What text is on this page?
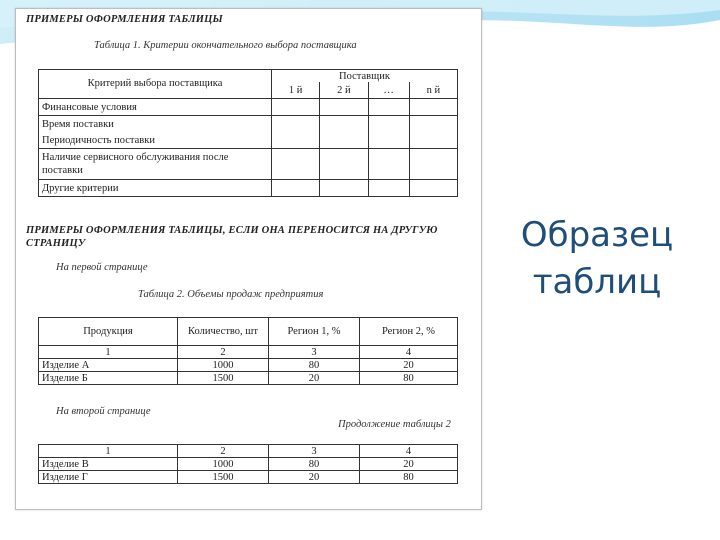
ПРИМЕРЫ ОФОРМЛЕНИЯ ТАБЛИЦЫ
Таблица 1. Критерии окончательного выбора поставщика
Критерий выбора поставщика	Поставщик			
	1 й	2 й	…	n й
Финансовые условия				
Время поставки				
Периодичность поставки				
Наличие сервисного обслуживания после поставки				
Другие критерии				
ПРИМЕРЫ ОФОРМЛЕНИЯ ТАБЛИЦЫ, ЕСЛИ ОНА ПЕРЕНОСИТСЯ НА ДРУГУЮ СТРАНИЦУ
На первой странице
Таблица 2. Объемы продаж предприятия
Продукция	Количество, шт	Регион 1, %	Регион 2, %
1	2	3	4
Изделие А	1000	80	20
Изделие Б	1500	20	80
На второй странице
Продолжение таблицы 2
1	2	3	4
Изделие В	1000	80	20
Изделие Г	1500	20	80
Образец
таблиц
